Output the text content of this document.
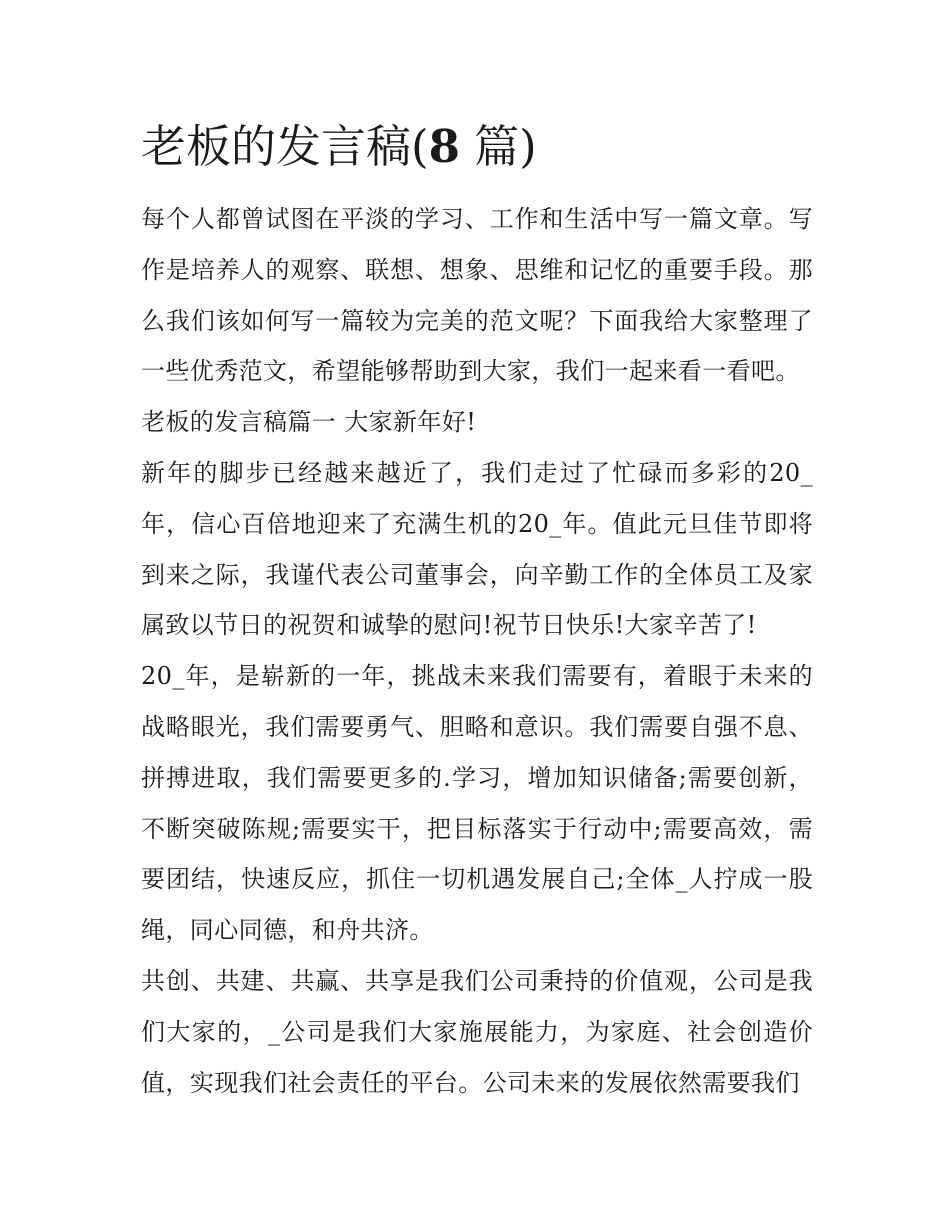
老板的发言稿(8 篇)

每个人都曾试图在平淡的学习、工作和生活中写一篇文章。写作是培养人的观察、联想、想象、思维和记忆的重要手段。那么我们该如何写一篇较为完美的范文呢？下面我给大家整理了一些优秀范文，希望能够帮助到大家，我们一起来看一看吧。

老板的发言稿篇一 大家新年好!

新年的脚步已经越来越近了，我们走过了忙碌而多彩的20_年，信心百倍地迎来了充满生机的20_年。值此元旦佳节即将到来之际，我谨代表公司董事会，向辛勤工作的全体员工及家属致以节日的祝贺和诚挚的慰问!祝节日快乐!大家辛苦了!

20_年，是崭新的一年，挑战未来我们需要有，着眼于未来的战略眼光，我们需要勇气、胆略和意识。我们需要自强不息、拼搏进取，我们需要更多的.学习，增加知识储备;需要创新，不断突破陈规;需要实干，把目标落实于行动中;需要高效，需要团结，快速反应，抓住一切机遇发展自己;全体_人拧成一股绳，同心同德，和舟共济。

共创、共建、共赢、共享是我们公司秉持的价值观，公司是我们大家的，_公司是我们大家施展能力，为家庭、社会创造价值，实现我们社会责任的平台。公司未来的发展依然需要我们
